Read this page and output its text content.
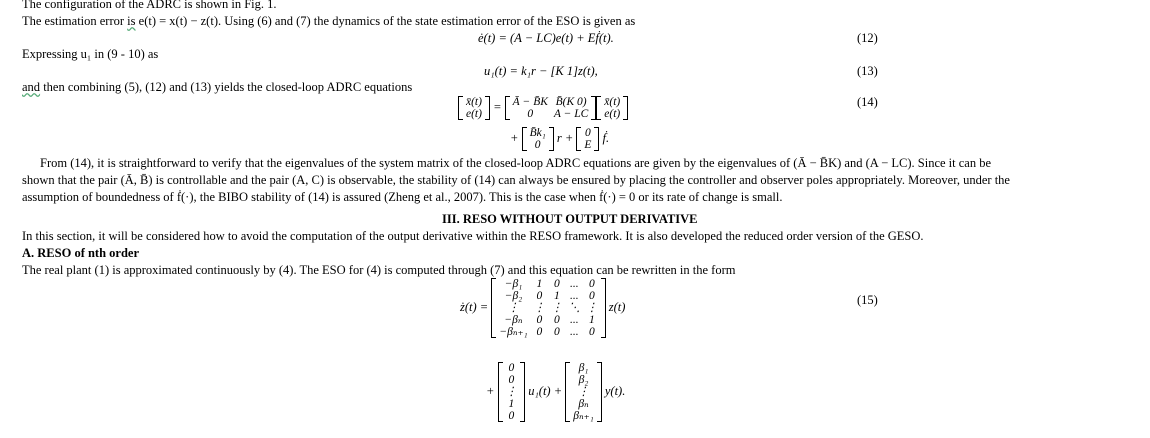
The configuration of the ADRC is shown in Fig. 1.
The estimation error is e(t) = x(t) − z(t). Using (6) and (7) the dynamics of the state estimation error of the ESO is given as
ė(t) = (A − LC)e(t) + Eḟ(t).	(12)
Expressing u₁ in (9 - 10) as
u₁(t) = k₁r − [K 1]z(t),	(13)
and then combining (5), (12) and (13) yields the closed-loop ADRC equations
(14)
x̄(t)
e(t)
= Ā − B̄K	B̄(K 0)
0	A − LC
x̄(t)
e(t)
+ B̄k₁
0
r + 0
E
ḟ.
From (14), it is straightforward to verify that the eigenvalues of the system matrix of the closed-loop ADRC equations are given by the eigenvalues of (Ā − B̄K) and (A − LC). Since it can be
shown that the pair (Ā, B̄) is controllable and the pair (A, C) is observable, the stability of (14) can always be ensured by placing the controller and observer poles appropriately. Moreover, under the
assumption of boundedness of ḟ(·), the BIBO stability of (14) is assured (Zheng et al., 2007). This is the case when ḟ(·) = 0 or its rate of change is small.
III. RESO WITHOUT OUTPUT DERIVATIVE
In this section, it will be considered how to avoid the computation of the output derivative within the RESO framework. It is also developed the reduced order version of the GESO.
A. RESO of nth order
The real plant (1) is approximated continuously by (4). The ESO for (4) is computed through (7) and this equation can be rewritten in the form
(15)
ż(t) =
−β₁	1	0	...	0
−β₂	0	1	...	0
⋮	⋮	⋮	⋱	⋮
−βₙ	0	0	...	1
−βₙ₊₁	0	0	...	0
z(t)
+
0
0
⋮
1
0
u₁(t) +
β₁
β₂
⋮
βₙ
βₙ₊₁
y(t).
